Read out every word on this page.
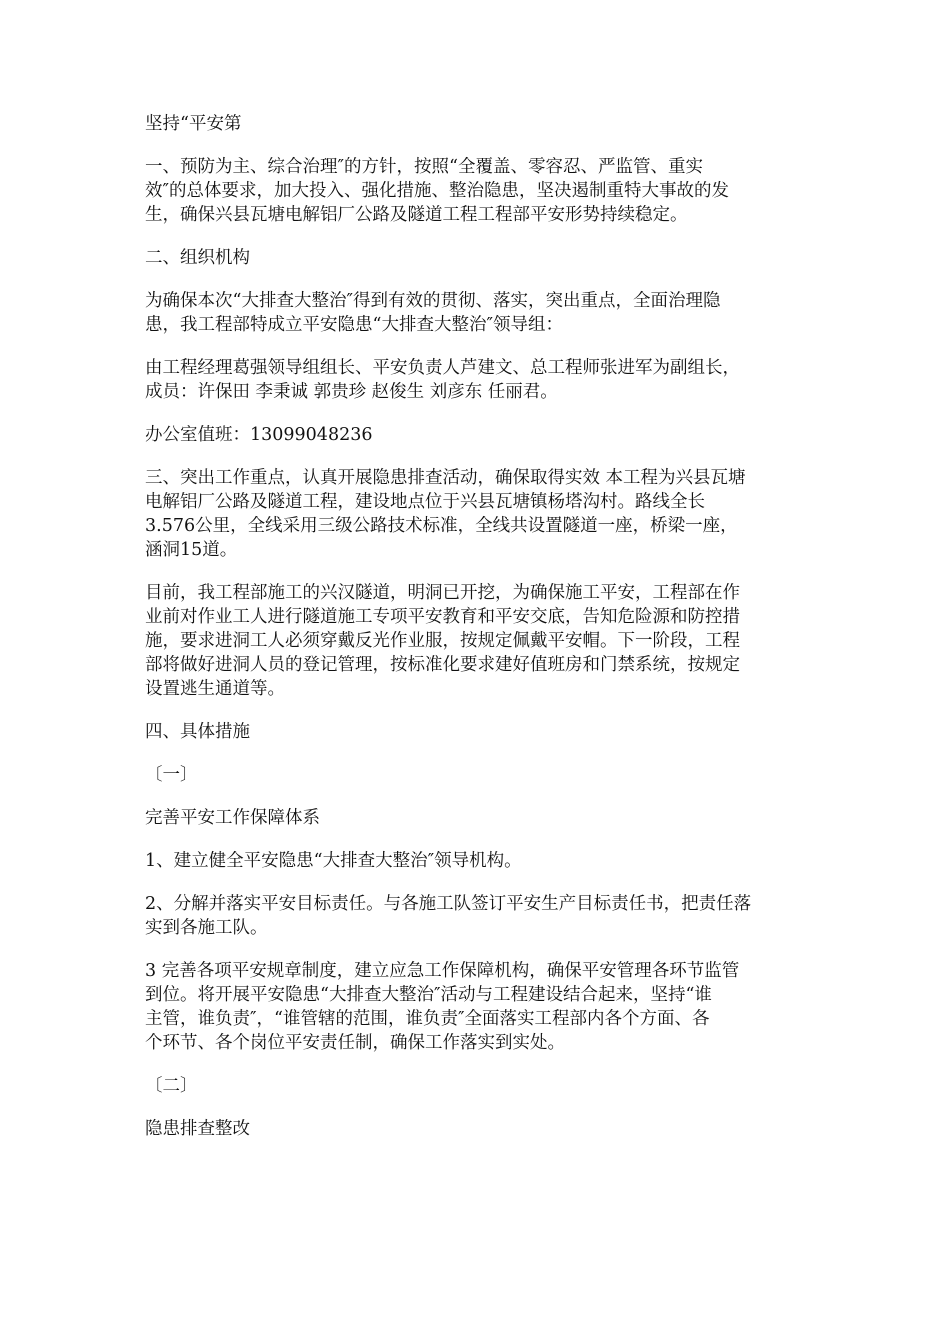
坚持“平安第

一、预防为主、综合治理″的方针，按照“全覆盖、零容忍、严监管、重实
效″的总体要求，加大投入、强化措施、整治隐患，坚决遏制重特大事故的发
生，确保兴县瓦塘电解铝厂公路及隧道工程工程部平安形势持续稳定。

二、组织机构

为确保本次“大排查大整治″得到有效的贯彻、落实，突出重点，全面治理隐
患，我工程部特成立平安隐患“大排查大整治″领导组：

由工程经理葛强领导组组长、平安负责人芦建文、总工程师张进军为副组长，
成员：许保田 李秉诚 郭贵珍 赵俊生 刘彦东 任丽君。

办公室值班：13099048236

三、突出工作重点，认真开展隐患排查活动，确保取得实效 本工程为兴县瓦塘
电解铝厂公路及隧道工程，建设地点位于兴县瓦塘镇杨塔沟村。路线全长
3.576公里，全线采用三级公路技术标准，全线共设置隧道一座，桥梁一座，
涵洞15道。

目前，我工程部施工的兴汉隧道，明洞已开挖，为确保施工平安，工程部在作
业前对作业工人进行隧道施工专项平安教育和平安交底，告知危险源和防控措
施，要求进洞工人必须穿戴反光作业服，按规定佩戴平安帽。下一阶段，工程
部将做好进洞人员的登记管理，按标准化要求建好值班房和门禁系统，按规定
设置逃生通道等。

四、具体措施

〔一〕

完善平安工作保障体系

1、建立健全平安隐患“大排查大整治″领导机构。

2、分解并落实平安目标责任。与各施工队签订平安生产目标责任书，把责任落
实到各施工队。

3 完善各项平安规章制度，建立应急工作保障机构，确保平安管理各环节监管
到位。将开展平安隐患“大排查大整治″活动与工程建设结合起来，坚持“谁
主管，谁负责″，“谁管辖的范围，谁负责″全面落实工程部内各个方面、各
个环节、各个岗位平安责任制，确保工作落实到实处。

〔二〕

隐患排查整改
